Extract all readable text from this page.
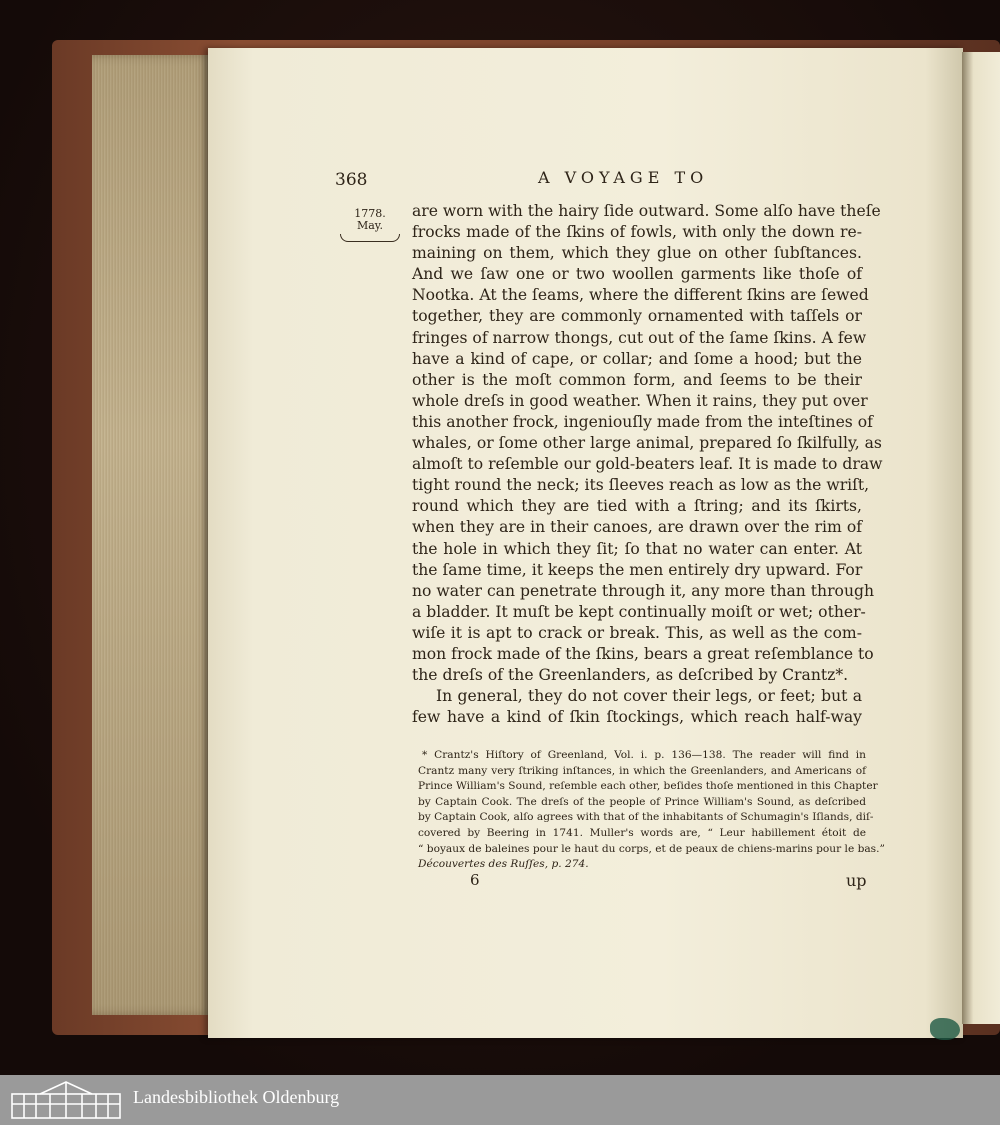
368	A VOYAGE TO
1778.
May.
are worn with the hairy ſide outward. Some alſo have theſe
frocks made of the ſkins of fowls, with only the down re-
maining on them, which they glue on other ſubſtances.
And we ſaw one or two woollen garments like thoſe of
Nootka. At the ſeams, where the different ſkins are ſewed
together, they are commonly ornamented with taſſels or
fringes of narrow thongs, cut out of the ſame ſkins. A few
have a kind of cape, or collar; and ſome a hood; but the
other is the moſt common form, and ſeems to be their
whole dreſs in good weather. When it rains, they put over
this another frock, ingeniouſly made from the inteſtines of
whales, or ſome other large animal, prepared ſo ſkilfully, as
almoſt to reſemble our gold-beaters leaf. It is made to draw
tight round the neck; its ſleeves reach as low as the wriſt,
round which they are tied with a ſtring; and its ſkirts,
when they are in their canoes, are drawn over the rim of
the hole in which they ſit; ſo that no water can enter. At
the ſame time, it keeps the men entirely dry upward. For
no water can penetrate through it, any more than through
a bladder. It muſt be kept continually moiſt or wet; other-
wiſe it is apt to crack or break. This, as well as the com-
mon frock made of the ſkins, bears a great reſemblance to
the dreſs of the Greenlanders, as deſcribed by Crantz*.
In general, they do not cover their legs, or feet; but a
few have a kind of ſkin ſtockings, which reach half-way
* Crantz's Hiſtory of Greenland, Vol. i. p. 136—138. The reader will find in
Crantz many very ſtriking inſtances, in which the Greenlanders, and Americans of
Prince William's Sound, reſemble each other, beſides thoſe mentioned in this Chapter
by Captain Cook. The dreſs of the people of Prince William's Sound, as deſcribed
by Captain Cook, alſo agrees with that of the inhabitants of Schumagin's Iſlands, diſ-
covered by Beering in 1741. Muller's words are, “ Leur habillement étoit de
“ boyaux de baleines pour le haut du corps, et de peaux de chiens-marins pour le bas.”
Découvertes des Ruſſes, p. 274.
6	up
Landesbibliothek Oldenburg
